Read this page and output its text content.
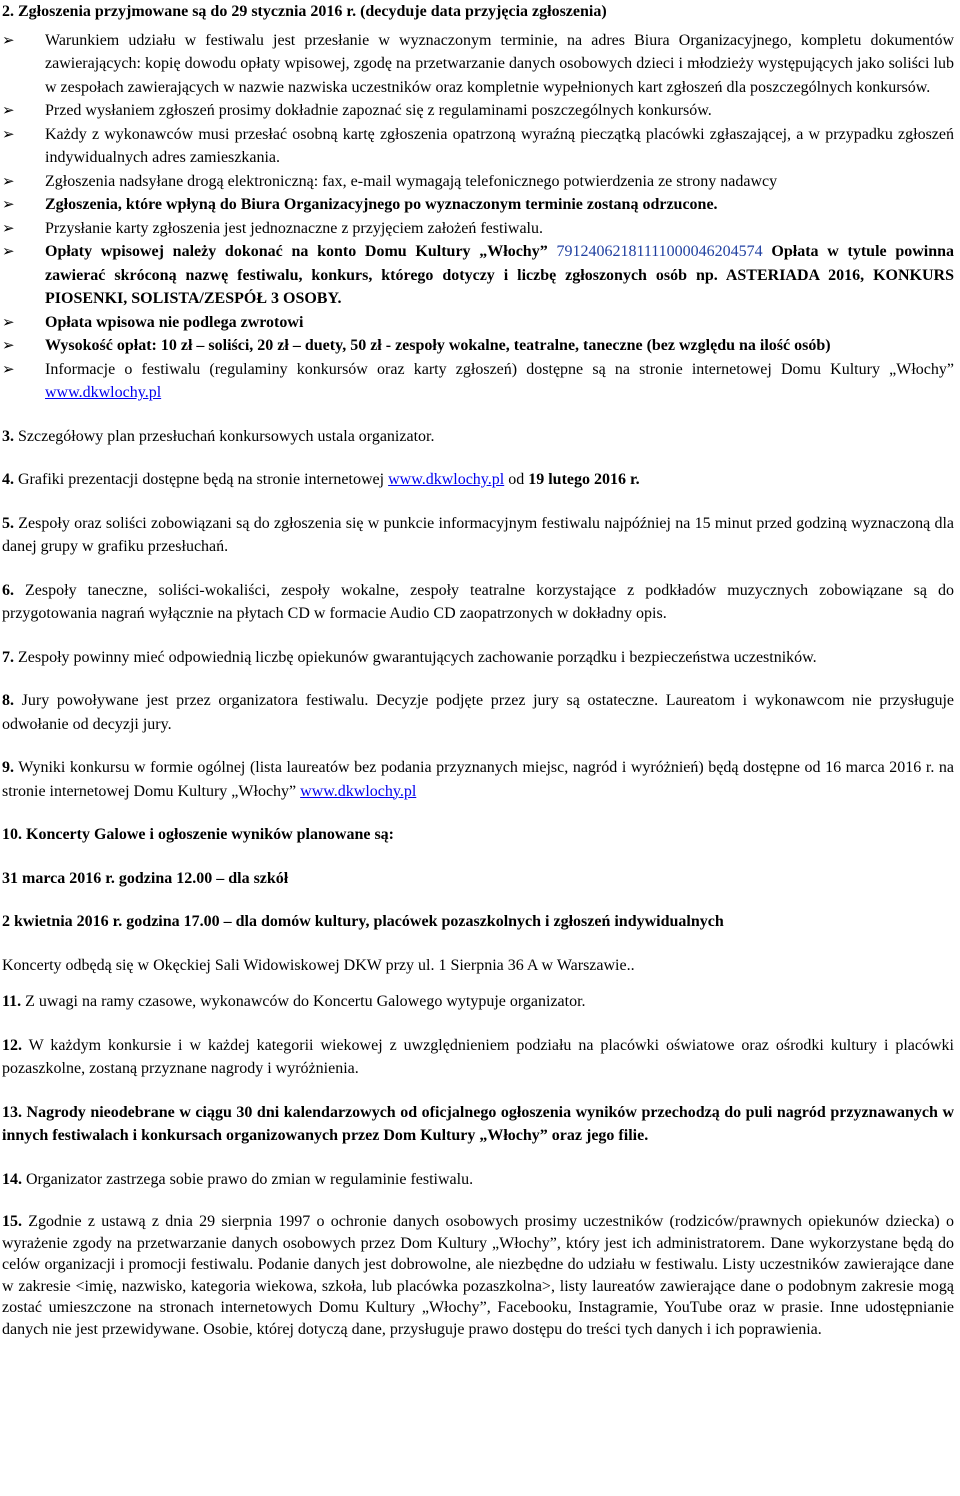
2. Zgłoszenia przyjmowane są do 29 stycznia 2016 r. (decyduje data przyjęcia zgłoszenia)

➢ Warunkiem udziału w festiwalu jest przesłanie w wyznaczonym terminie, na adres Biura Organizacyjnego, kompletu dokumentów zawierających: kopię dowodu opłaty wpisowej, zgodę na przetwarzanie danych osobowych dzieci i młodzieży występujących jako soliści lub w zespołach zawierających w nazwie nazwiska uczestników oraz kompletnie wypełnionych kart zgłoszeń dla poszczególnych konkursów.
➢ Przed wysłaniem zgłoszeń prosimy dokładnie zapoznać się z regulaminami poszczególnych konkursów.
➢ Każdy z wykonawców musi przesłać osobną kartę zgłoszenia opatrzoną wyraźną pieczątką placówki zgłaszającej, a w przypadku zgłoszeń indywidualnych adres zamieszkania.
➢ Zgłoszenia nadsyłane drogą elektroniczną: fax, e-mail wymagają telefonicznego potwierdzenia ze strony nadawcy
➢ Zgłoszenia, które wpłyną do Biura Organizacyjnego po wyznaczonym terminie zostaną odrzucone.
➢ Przysłanie karty zgłoszenia jest jednoznaczne z przyjęciem założeń festiwalu.
➢ Opłaty wpisowej należy dokonać na konto Domu Kultury „Włochy” 79124062181111000046204574 Opłata w tytule powinna zawierać skróconą nazwę festiwalu, konkurs, którego dotyczy i liczbę zgłoszonych osób np. ASTERIADA 2016, KONKURS PIOSENKI, SOLISTA/ZESPÓŁ 3 OSOBY.
➢ Opłata wpisowa nie podlega zwrotowi
➢ Wysokość opłat: 10 zł – soliści, 20 zł – duety, 50 zł - zespoły wokalne, teatralne, taneczne (bez względu na ilość osób)
➢ Informacje o festiwalu (regulaminy konkursów oraz karty zgłoszeń) dostępne są na stronie internetowej Domu Kultury „Włochy” www.dkwlochy.pl

3. Szczegółowy plan przesłuchań konkursowych ustala organizator.

4. Grafiki prezentacji dostępne będą na stronie internetowej www.dkwlochy.pl od 19 lutego 2016 r.

5. Zespoły oraz soliści zobowiązani są do zgłoszenia się w punkcie informacyjnym festiwalu najpóźniej na 15 minut przed godziną wyznaczoną dla danej grupy w grafiku przesłuchań.

6. Zespoły taneczne, soliści-wokaliści, zespoły wokalne, zespoły teatralne korzystające z podkładów muzycznych zobowiązane są do przygotowania nagrań wyłącznie na płytach CD w formacie Audio CD zaopatrzonych w dokładny opis.

7. Zespoły powinny mieć odpowiednią liczbę opiekunów gwarantujących zachowanie porządku i bezpieczeństwa uczestników.

8. Jury powoływane jest przez organizatora festiwalu. Decyzje podjęte przez jury są ostateczne. Laureatom i wykonawcom nie przysługuje odwołanie od decyzji jury.

9. Wyniki konkursu w formie ogólnej (lista laureatów bez podania przyznanych miejsc, nagród i wyróżnień) będą dostępne od 16 marca 2016 r. na stronie internetowej Domu Kultury „Włochy” www.dkwlochy.pl

10. Koncerty Galowe i ogłoszenie wyników planowane są:

31 marca 2016 r. godzina 12.00 – dla szkół

2 kwietnia 2016 r. godzina 17.00 – dla domów kultury, placówek pozaszkolnych i zgłoszeń indywidualnych

Koncerty odbędą się w Okęckiej Sali Widowiskowej DKW przy ul. 1 Sierpnia 36 A w Warszawie..

11. Z uwagi na ramy czasowe, wykonawców do Koncertu Galowego wytypuje organizator.

12. W każdym konkursie i w każdej kategorii wiekowej z uwzględnieniem podziału na placówki oświatowe oraz ośrodki kultury i placówki pozaszkolne, zostaną przyznane nagrody i wyróżnienia.

13. Nagrody nieodebrane w ciągu 30 dni kalendarzowych od oficjalnego ogłoszenia wyników przechodzą do puli nagród przyznawanych w innych festiwalach i konkursach organizowanych przez Dom Kultury „Włochy” oraz jego filie.

14. Organizator zastrzega sobie prawo do zmian w regulaminie festiwalu.

15. Zgodnie z ustawą z dnia 29 sierpnia 1997 o ochronie danych osobowych prosimy uczestników (rodziców/prawnych opiekunów dziecka) o wyrażenie zgody na przetwarzanie danych osobowych przez Dom Kultury „Włochy”, który jest ich administratorem. Dane wykorzystane będą do celów organizacji i promocji festiwalu. Podanie danych jest dobrowolne, ale niezbędne do udziału w festiwalu. Listy uczestników zawierające dane w zakresie <imię, nazwisko, kategoria wiekowa, szkoła, lub placówka pozaszkolna>, listy laureatów zawierające dane o podobnym zakresie mogą zostać umieszczone na stronach internetowych Domu Kultury „Włochy”, Facebooku, Instagramie, YouTube oraz w prasie. Inne udostępnianie danych nie jest przewidywane. Osobie, której dotyczą dane, przysługuje prawo dostępu do treści tych danych i ich poprawienia.
